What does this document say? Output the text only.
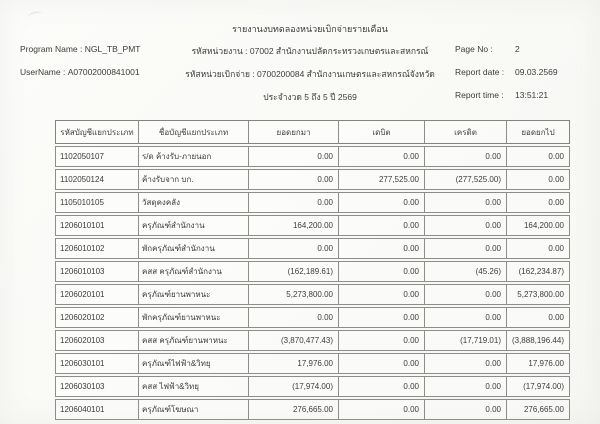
รายงานงบทดลองหน่วยเบิกจ่ายรายเดือน
Program Name : NGL_TB_PMT	รหัสหน่วยงาน : 07002 สำนักงานปลัดกระทรวงเกษตรและสหกรณ์	Page No :	2
UserName : A07002000841001	รหัสหน่วยเบิกจ่าย : 0700200084 สำนักงานเกษตรและสหกรณ์จังหวัด	Report date :	09.03.2569
ประจำงวด 5 ถึง 5 ปี 2569	Report time :	13:51:21
รหัสบัญชีแยกประเภท	ชื่อบัญชีแยกประเภท	ยอดยกมา	เดบิต	เครดิต	ยอดยกไป
1102050107	ร/ด ค้างรับ-ภายนอก	0.00	0.00	0.00	0.00
1102050124	ค้างรับจาก บก.	0.00	277,525.00	(277,525.00)	0.00
1105010105	วัสดุคงคลัง	0.00	0.00	0.00	0.00
1206010101	ครุภัณฑ์สำนักงาน	164,200.00	0.00	0.00	164,200.00
1206010102	พักครุภัณฑ์สำนักงาน	0.00	0.00	0.00	0.00
1206010103	คสส ครุภัณฑ์สำนักงาน	(162,189.61)	0.00	(45.26)	(162,234.87)
1206020101	ครุภัณฑ์ยานพาหนะ	5,273,800.00	0.00	0.00	5,273,800.00
1206020102	พักครุภัณฑ์ยานพาหนะ	0.00	0.00	0.00	0.00
1206020103	คสส ครุภัณฑ์ยานพาหนะ	(3,870,477.43)	0.00	(17,719.01)	(3,888,196.44)
1206030101	ครุภัณฑ์ไฟฟ้า&วิทยุ	17,976.00	0.00	0.00	17,976.00
1206030103	คสส ไฟฟ้า&วิทยุ	(17,974.00)	0.00	0.00	(17,974.00)
1206040101	ครุภัณฑ์โฆษณา	276,665.00	0.00	0.00	276,665.00
